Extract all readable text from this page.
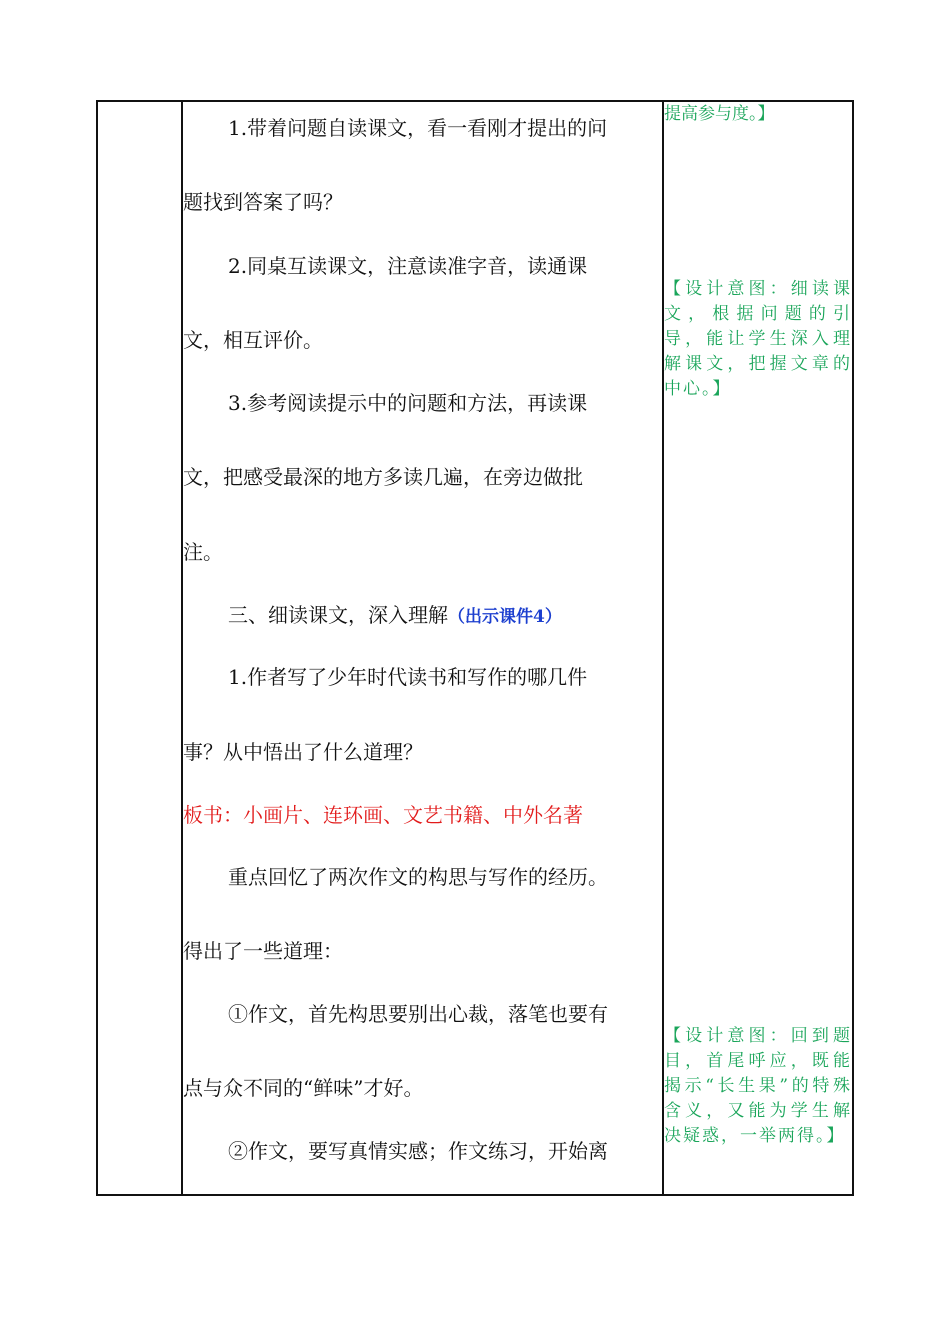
1.带着问题自读课文，看一看刚才提出的问
题找到答案了吗？
2.同桌互读课文，注意读准字音，读通课
文，相互评价。
3.参考阅读提示中的问题和方法，再读课
文，把感受最深的地方多读几遍，在旁边做批
注。
三、细读课文，深入理解（出示课件4）
1.作者写了少年时代读书和写作的哪几件
事？从中悟出了什么道理？
板书：小画片、连环画、文艺书籍、中外名著
重点回忆了两次作文的构思与写作的经历。
得出了一些道理：
①作文，首先构思要别出心裁，落笔也要有
点与众不同的“鲜味”才好。
②作文，要写真情实感；作文练习，开始离
提高参与度。】
【设计意图：细读课文，根据问题的引导，能让学生深入理解课文，把握文章的中心。】
【设计意图：回到题目，首尾呼应，既能揭示“长生果”的特殊含义，又能为学生解决疑惑，一举两得。】
